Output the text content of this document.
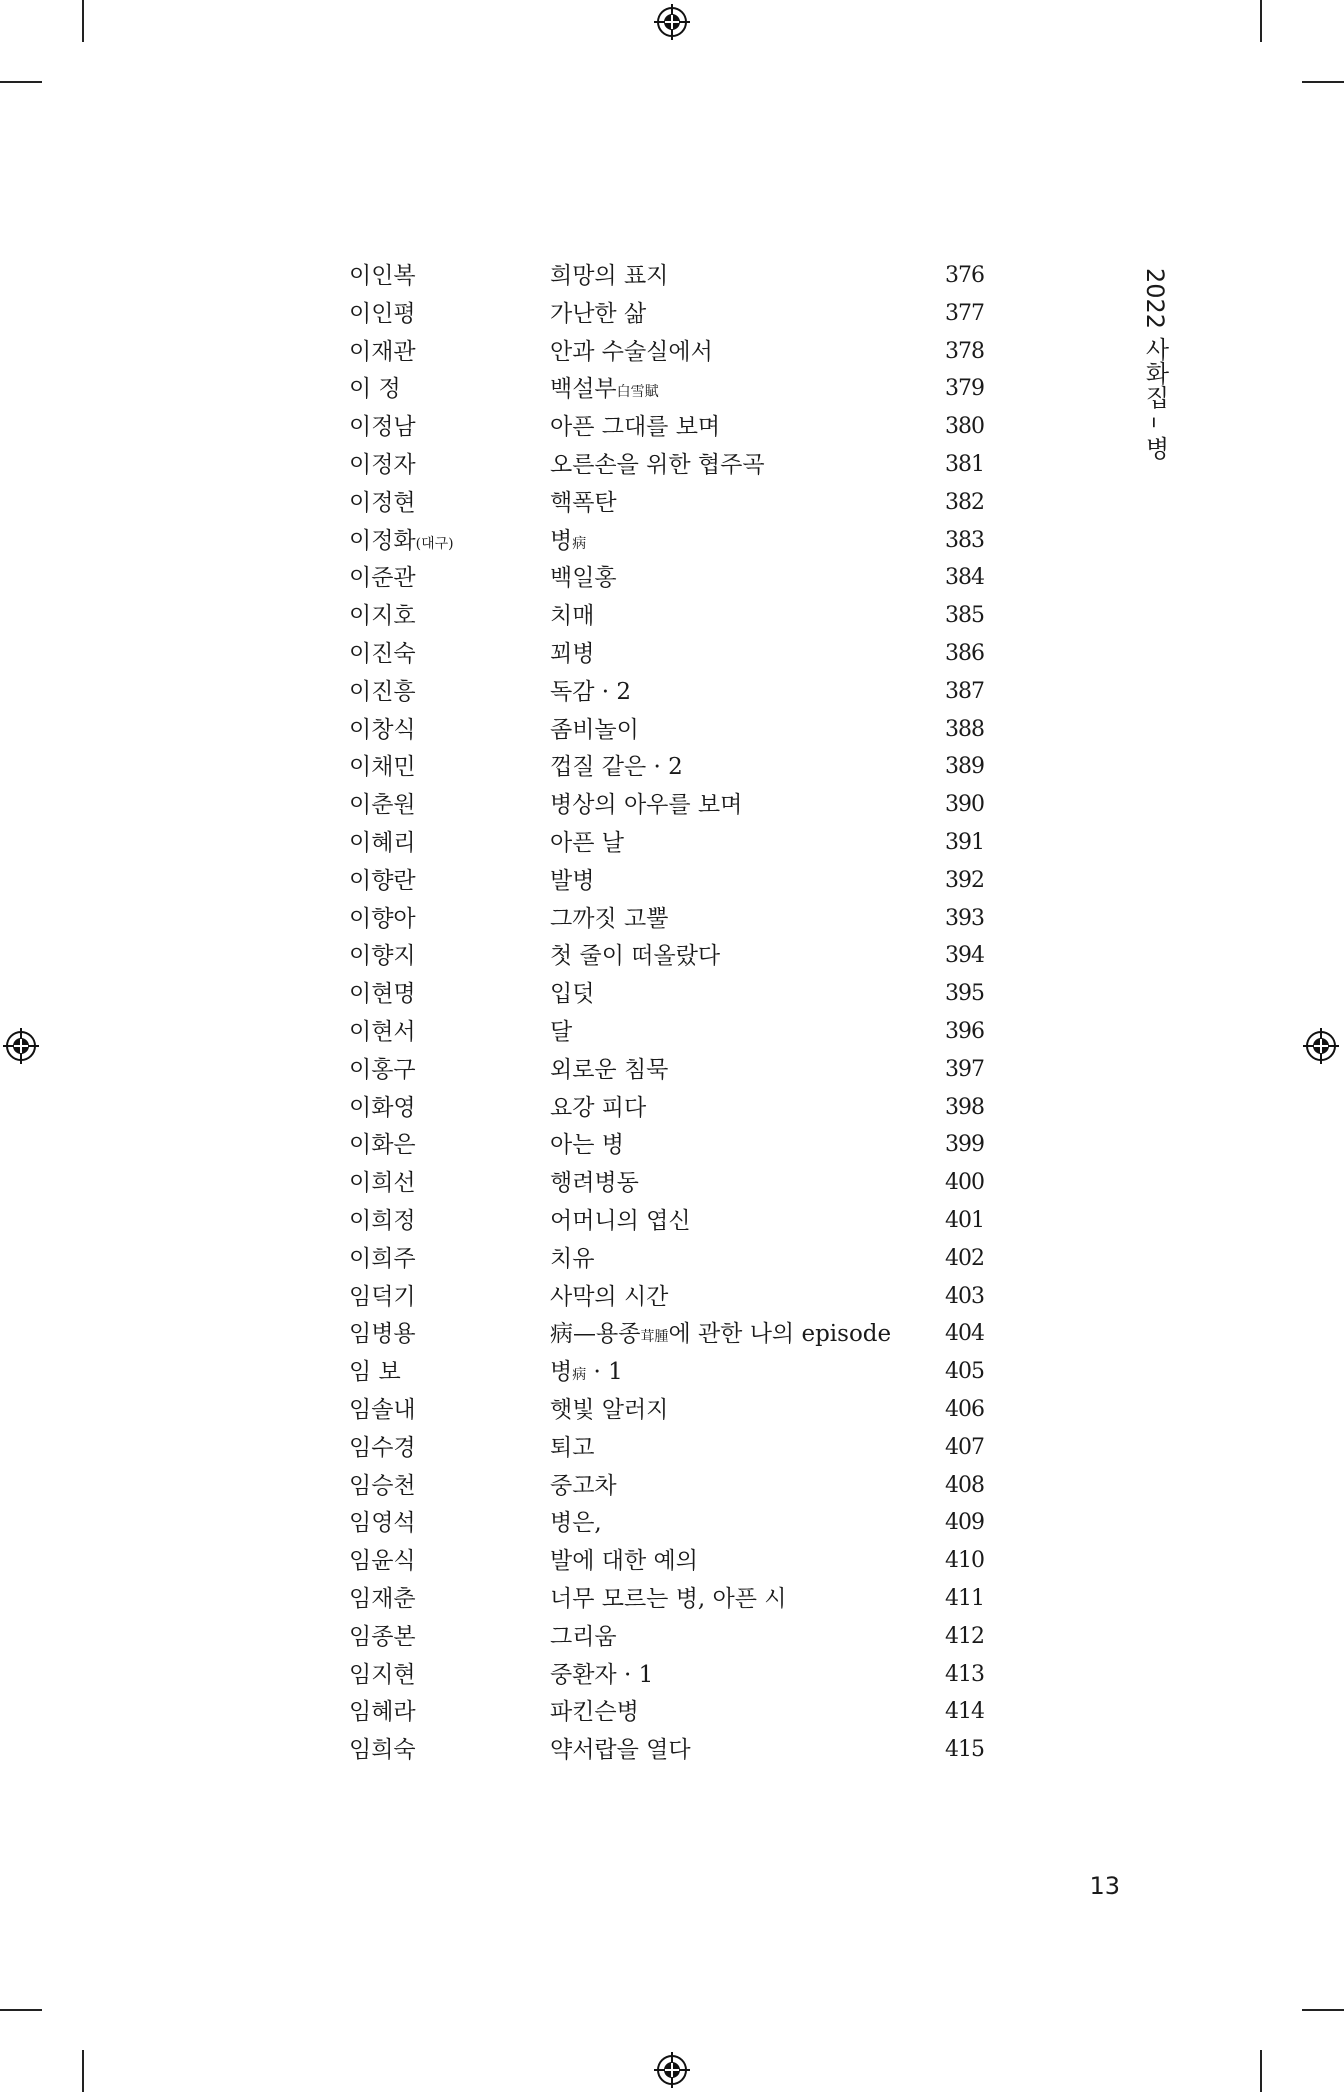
2022 사화집 – 병
이인복	희망의 표지	376
이인평	가난한 삶	377
이재관	안과 수술실에서	378
이 정	백설부白雪賦	379
이정남	아픈 그대를 보며	380
이정자	오른손을 위한 협주곡	381
이정현	핵폭탄	382
이정화(대구)	병病	383
이준관	백일홍	384
이지호	치매	385
이진숙	꾀병	386
이진흥	독감 · 2	387
이창식	좀비놀이	388
이채민	껍질 같은 · 2	389
이춘원	병상의 아우를 보며	390
이혜리	아픈 날	391
이향란	발병	392
이향아	그까짓 고뿔	393
이향지	첫 줄이 떠올랐다	394
이현명	입덧	395
이현서	달	396
이홍구	외로운 침묵	397
이화영	요강 피다	398
이화은	아는 병	399
이희선	행려병동	400
이희정	어머니의 엽신	401
이희주	치유	402
임덕기	사막의 시간	403
임병용	病—용종茸腫에 관한 나의 episode	404
임 보	병病 · 1	405
임솔내	햇빛 알러지	406
임수경	퇴고	407
임승천	중고차	408
임영석	병은,	409
임윤식	발에 대한 예의	410
임재춘	너무 모르는 병, 아픈 시	411
임종본	그리움	412
임지현	중환자 · 1	413
임혜라	파킨슨병	414
임희숙	약서랍을 열다	415
13
